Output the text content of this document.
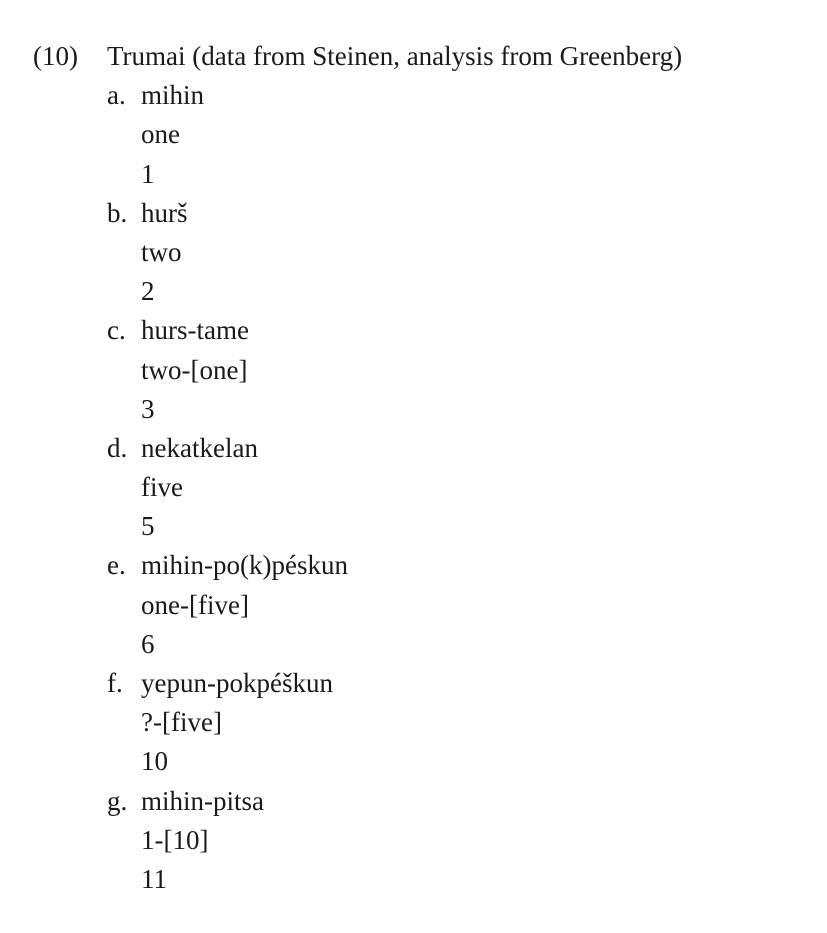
(10) Trumai (data from Steinen, analysis from Greenberg)
a. mihin
one
1
b. hurš
two
2
c. hurs-tame
two-[one]
3
d. nekatkelan
five
5
e. mihin-po(k)péskun
one-[five]
6
f. yepun-pokpéškun
?-[five]
10
g. mihin-pitsa
1-[10]
11
